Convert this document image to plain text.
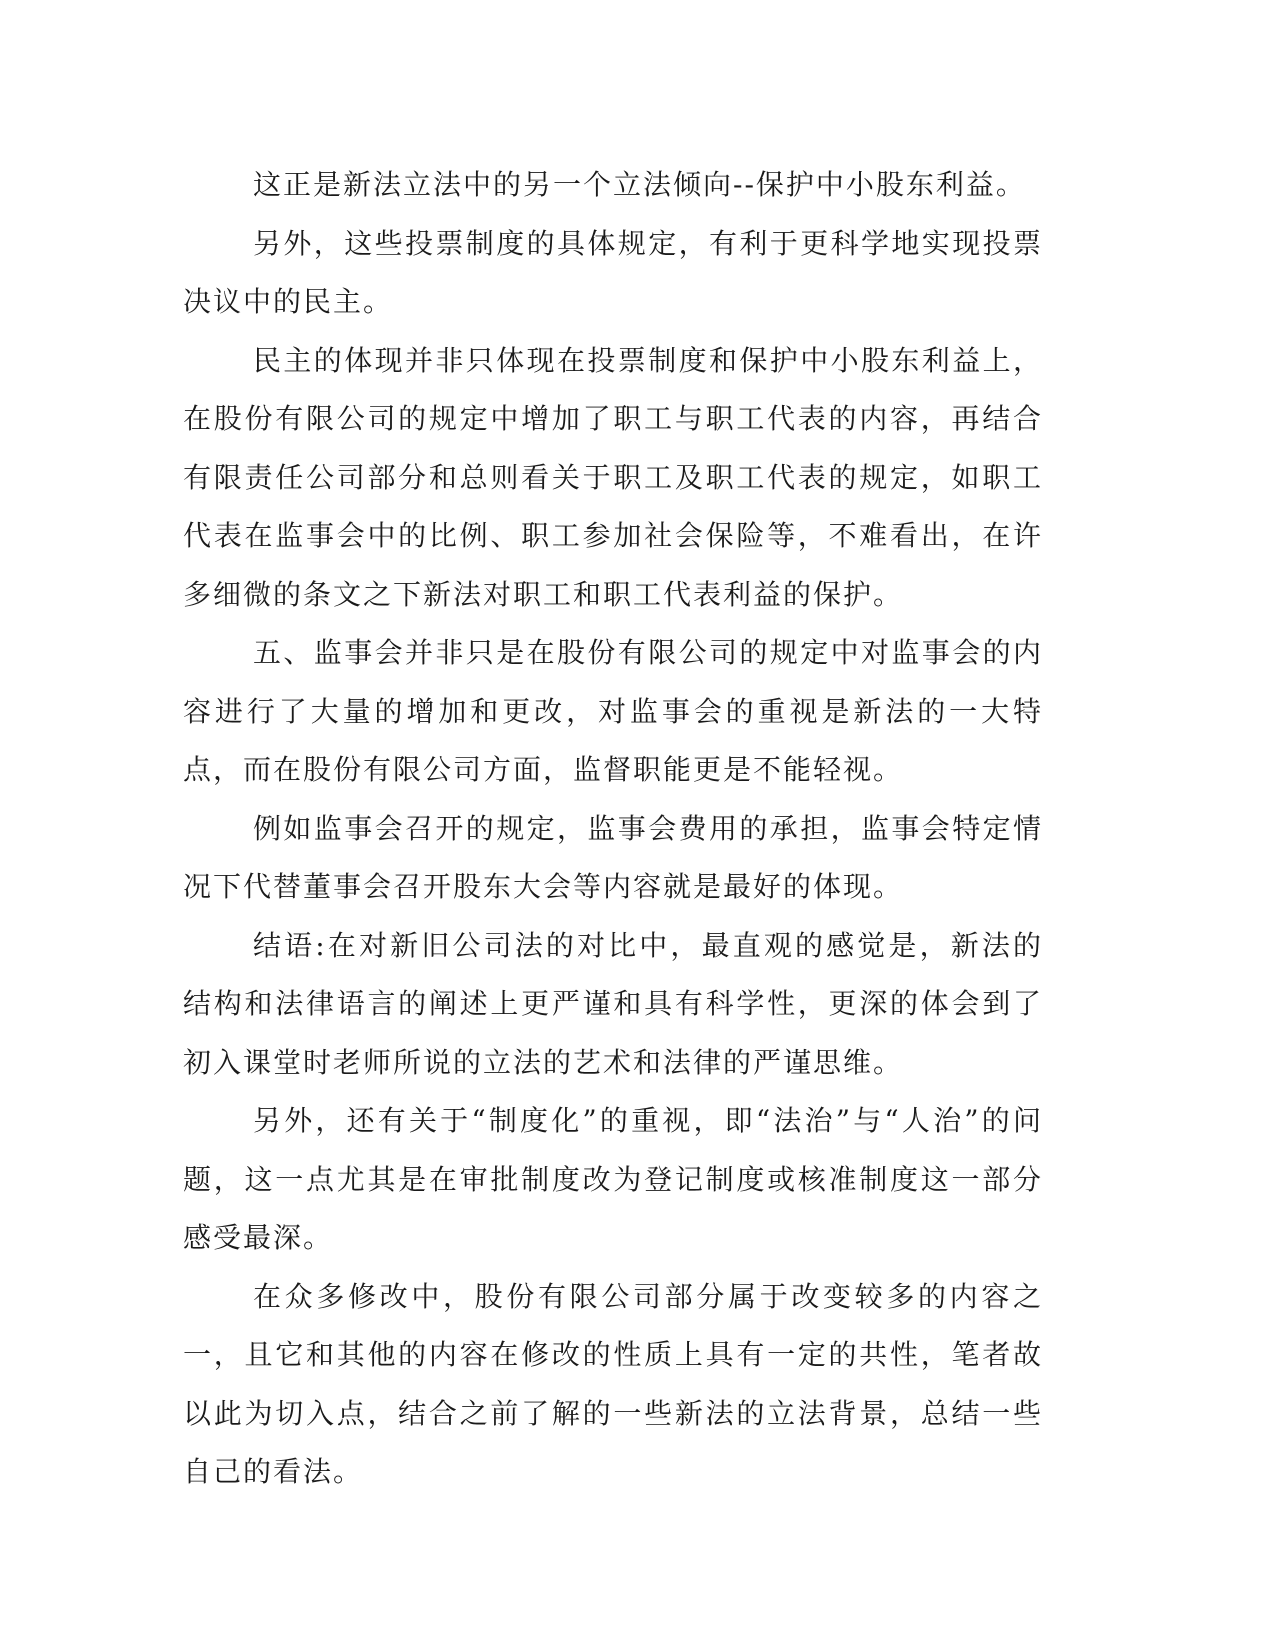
这正是新法立法中的另一个立法倾向--保护中小股东利益。

另外，这些投票制度的具体规定，有利于更科学地实现投票决议中的民主。

民主的体现并非只体现在投票制度和保护中小股东利益上，在股份有限公司的规定中增加了职工与职工代表的内容，再结合有限责任公司部分和总则看关于职工及职工代表的规定，如职工代表在监事会中的比例、职工参加社会保险等，不难看出，在许多细微的条文之下新法对职工和职工代表利益的保护。

五、监事会并非只是在股份有限公司的规定中对监事会的内容进行了大量的增加和更改，对监事会的重视是新法的一大特点，而在股份有限公司方面，监督职能更是不能轻视。

例如监事会召开的规定，监事会费用的承担，监事会特定情况下代替董事会召开股东大会等内容就是最好的体现。

结语:在对新旧公司法的对比中，最直观的感觉是，新法的结构和法律语言的阐述上更严谨和具有科学性，更深的体会到了初入课堂时老师所说的立法的艺术和法律的严谨思维。

另外，还有关于“制度化”的重视，即“法治”与“人治”的问题，这一点尤其是在审批制度改为登记制度或核准制度这一部分感受最深。

在众多修改中，股份有限公司部分属于改变较多的内容之一，且它和其他的内容在修改的性质上具有一定的共性，笔者故以此为切入点，结合之前了解的一些新法的立法背景，总结一些自己的看法。
